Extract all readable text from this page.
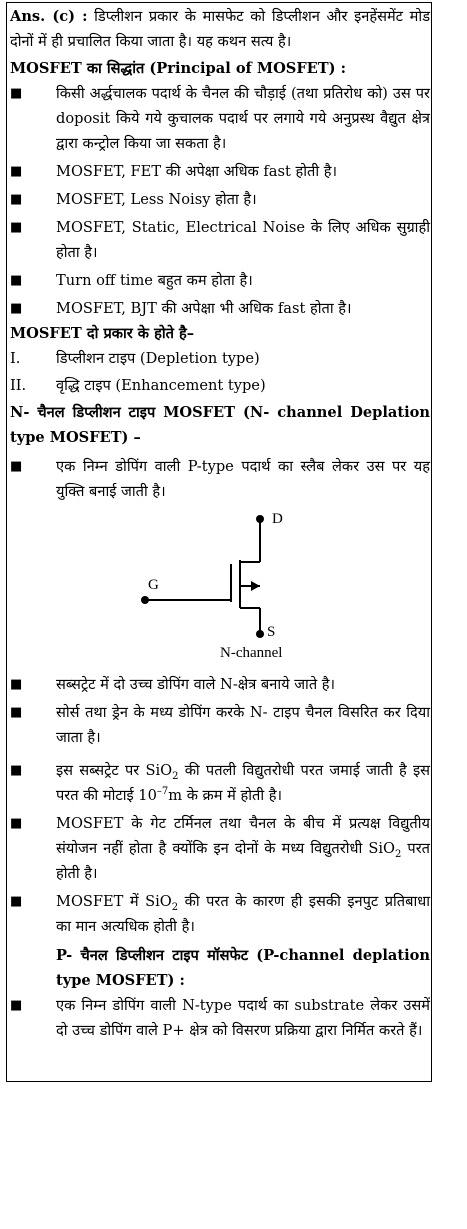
Ans. (c) : डिप्लीशन प्रकार के मासफेट को डिप्लीशन और इनहेंसमेंट मोड दोनों में ही प्रचालित किया जाता है। यह कथन सत्य है।

MOSFET का सिद्धांत (Principal of MOSFET) :

■	किसी अर्द्धचालक पदार्थ के चैनल की चौड़ाई (तथा प्रतिरोध को) उस पर doposit किये गये कुचालक पदार्थ पर लगाये गये अनुप्रस्थ वैद्युत क्षेत्र द्वारा कन्ट्रोल किया जा सकता है।
■	MOSFET, FET की अपेक्षा अधिक fast होती है।
■	MOSFET, Less Noisy होता है।
■	MOSFET, Static, Electrical Noise के लिए अधिक सुग्राही होता है।
■	Turn off time बहुत कम होता है।
■	MOSFET, BJT की अपेक्षा भी अधिक fast होता है।

MOSFET दो प्रकार के होते है–

I.	डिप्लीशन टाइप (Depletion type)
II.	वृद्धि टाइप (Enhancement type)

N- चैनल डिप्लीशन टाइप MOSFET (N- channel Deplation type MOSFET) –

■	एक निम्न डोपिंग वाली P-type पदार्थ का स्लैब लेकर उस पर यह युक्ति बनाई जाती है।
D
G
S
N-channel
■	सब्सट्रेट में दो उच्च डोपिंग वाले N-क्षेत्र बनाये जाते है।
■	सोर्स तथा ड्रेन के मध्य डोपिंग करके N- टाइप चैनल विसरित कर दिया जाता है।
■	इस सब्सट्रेट पर SiO$_2$ की पतली विद्युतरोधी परत जमाई जाती है इस परत की मोटाई $10^{-7}m$ के क्रम में होती है।
■	MOSFET के गेट टर्मिनल तथा चैनल के बीच में प्रत्यक्ष विद्युतीय संयोजन नहीं होता है क्योंकि इन दोनों के मध्य विद्युतरोधी SiO$_2$ परत होती है।
■	MOSFET में SiO$_2$ की परत के कारण ही इसकी इनपुट प्रतिबाधा का मान अत्यधिक होती है।

P- चैनल डिप्लीशन टाइप मॉसफेट (P-channel deplation type MOSFET) :

■	एक निम्न डोपिंग वाली N-type पदार्थ का substrate लेकर उसमें दो उच्च डोपिंग वाले P+ क्षेत्र को विसरण प्रक्रिया द्वारा निर्मित करते हैं।
